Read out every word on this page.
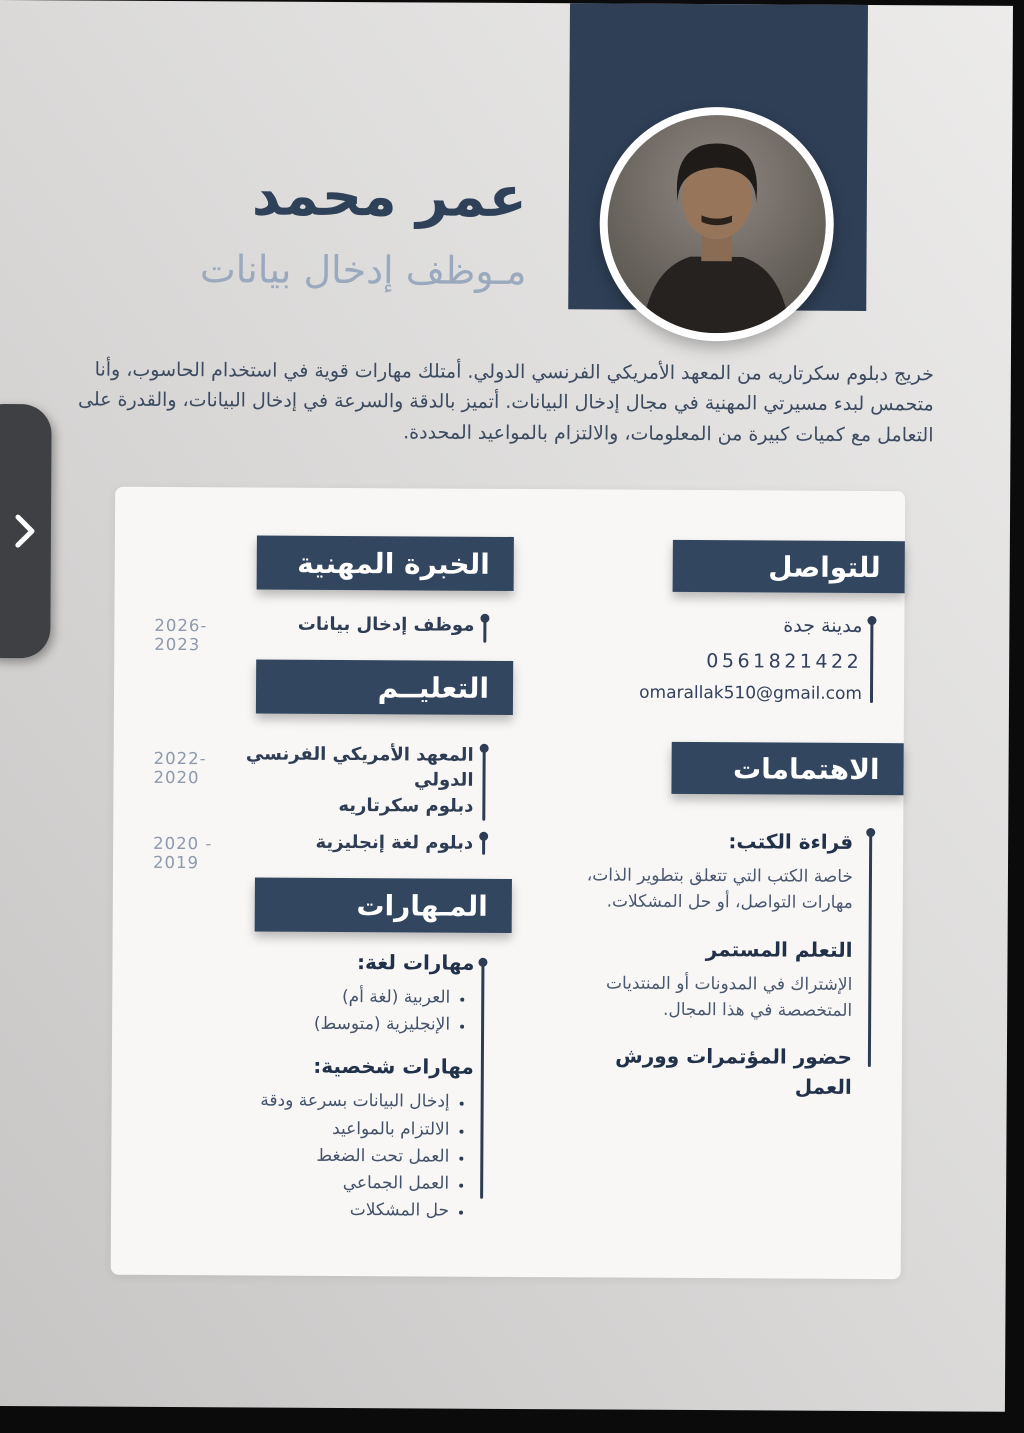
عمر محمد
مـوظف إدخال بيانات
خريج دبلوم سكرتاريه من المعهد الأمريكي الفرنسي الدولي. أمتلك مهارات قوية في استخدام الحاسوب، وأنا متحمس لبدء مسيرتي المهنية في مجال إدخال البيانات. أتميز بالدقة والسرعة في إدخال البيانات، والقدرة على التعامل مع كميات كبيرة من المعلومات، والالتزام بالمواعيد المحددة.
الخبرة المهنية
موظف إدخال بيانات
2026- 2023
التعليــم
المعهد الأمريكي الفرنسي الدولي
دبلوم سكرتاريه
2022- 2020
دبلوم لغة إنجليزية
2020 - 2019
المـهارات
مهارات لغة:
• العربية (لغة أم)
• الإنجليزية (متوسط)
مهارات شخصية:
• إدخال البيانات بسرعة ودقة
• الالتزام بالمواعيد
• العمل تحت الضغط
• العمل الجماعي
• حل المشكلات
للتواصل
مدينة جدة
0561821422
omarallak510@gmail.com
الاهتمامات
قراءة الكتب:
خاصة الكتب التي تتعلق بتطوير الذات، مهارات التواصل، أو حل المشكلات.
التعلم المستمر
الإشتراك في المدونات أو المنتديات المتخصصة في هذا المجال.
حضور المؤتمرات وورش العمل
